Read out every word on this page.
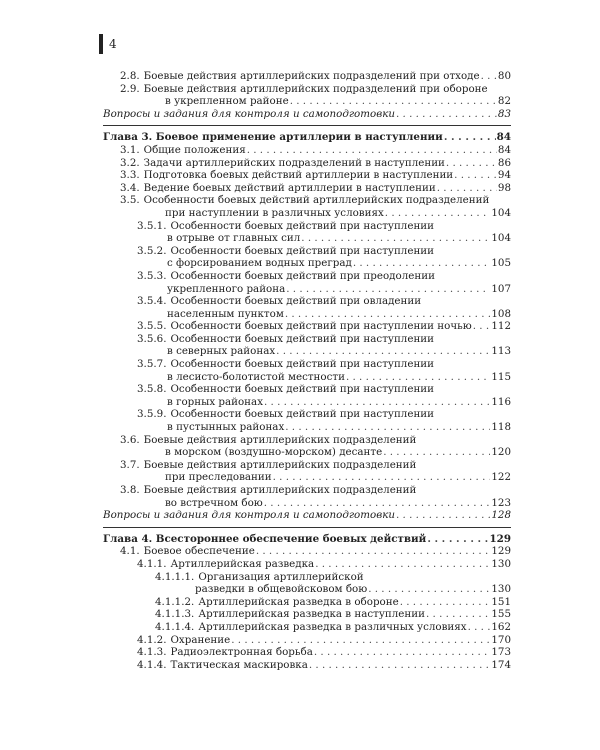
4
2.8. Боевые действия артиллерийских подразделений при отходе . . . 80
2.9. Боевые действия артиллерийских подразделений при обороне
в укрепленном районе . . .	82
Вопросы и задания для контроля и самоподготовки . . .	83
Глава 3. Боевое применение артиллерии в наступлении . . .	84
3.1. Общие положения . . .	84
3.2. Задачи артиллерийских подразделений в наступлении . . .	86
3.3. Подготовка боевых действий артиллерии в наступлении . . .	94
3.4. Ведение боевых действий артиллерии в наступлении . . .	98
3.5. Особенности боевых действий артиллерийских подразделений
при наступлении в различных условиях . . .	104
3.5.1. Особенности боевых действий при наступлении
в отрыве от главных сил . . .	104
3.5.2. Особенности боевых действий при наступлении
с форсированием водных преград . . .	105
3.5.3. Особенности боевых действий при преодолении
укрепленного района . . .	107
3.5.4. Особенности боевых действий при овладении
населенным пунктом . . .	108
3.5.5. Особенности боевых действий при наступлении ночью . . . 112
3.5.6. Особенности боевых действий при наступлении
в северных районах . . .	113
3.5.7. Особенности боевых действий при наступлении
в лесисто-болотистой местности . . .	115
3.5.8. Особенности боевых действий при наступлении
в горных районах . . .	116
3.5.9. Особенности боевых действий при наступлении
в пустынных районах . . .	118
3.6. Боевые действия артиллерийских подразделений
в морском (воздушно-морском) десанте . . .	120
3.7. Боевые действия артиллерийских подразделений
при преследовании . . .	122
3.8. Боевые действия артиллерийских подразделений
во встречном бою . . .	123
Вопросы и задания для контроля и самоподготовки . . .	128
Глава 4. Всестороннее обеспечение боевых действий . . .	129
4.1. Боевое обеспечение . . .	129
4.1.1. Артиллерийская разведка . . .	130
4.1.1.1. Организация артиллерийской
разведки в общевойсковом бою . . .	130
4.1.1.2. Артиллерийская разведка в обороне . . .	151
4.1.1.3. Артиллерийская разведка в наступлении . . .	155
4.1.1.4. Артиллерийская разведка в различных условиях . . . 162
4.1.2. Охранение . . .	170
4.1.3. Радиоэлектронная борьба . . .	173
4.1.4. Тактическая маскировка . . .	174
